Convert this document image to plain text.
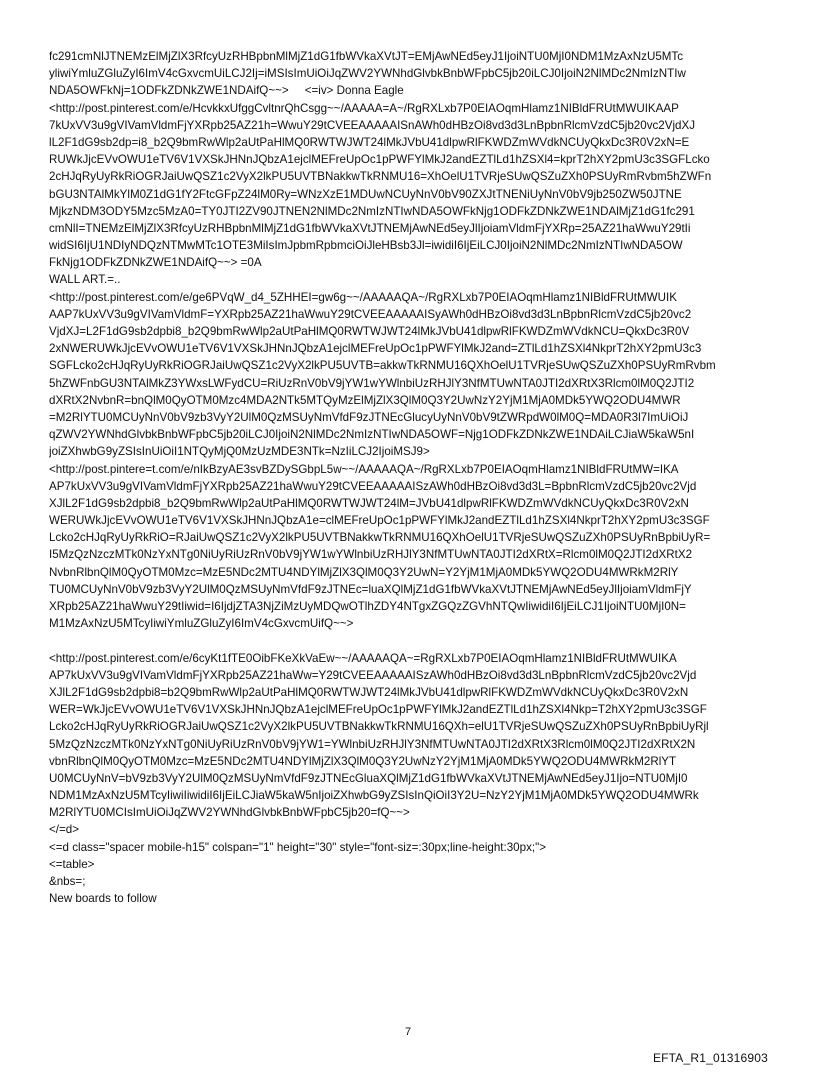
fc291cmNlJTNEMzElMjZlX3RfcyUzRHBpbnMlMjZ1dG1fbWVkaXVtJT=EMjAwNEd5eyJ1IjoiNTU0MjI0NDM1MzAxNzU5MTc
yliwiYmluZGluZyI6ImV4cGxvcmUiLCJ2Ij=iMSIsImUiOiJqZWV2YWNhdGlvbkBnbWFpbC5jb20iLCJ0IjoiN2NlMDc2NmIzNTIw
NDA5OWFkNj=1ODFkZDNkZWE1NDAifQ~~>     <=iv> Donna Eagle
<http://post.pinterest.com/e/HcvkkxUfggCvltnrQhCsgg~~/AAAAA=A~/RgRXLxb7P0EIAOqmHlamz1NIBldFRUtMWUIKAAP
7kUxVV3u9gVIVamVldmFjYXRpb25AZ21h=WwuY29tCVEEAAAAAISnAWh0dHBzOi8vd3d3LnBpbnRlcmVzdC5jb20vc2VjdXJ
lL2F1dG9sb2dp=i8_b2Q9bmRwWlp2aUtPaHlMQ0RWTWJWT24lMkJVbU41dlpwRlFKWDZmWVdkNCUyQkxDc3R0V2xN=E
RUWkJjcEVvOWU1eTV6V1VXSkJHNnJQbzA1ejclMEFreUpOc1pPWFYlMkJ2andEZTlLd1hZSXl4=kprT2hXY2pmU3c3SGFLcko
2cHJqRyUyRkRiOGRJaiUwQSZ1c2VyX2lkPU5UVTBNakkwTkRNMU16=XhOelU1TVRjeSUwQSZuZXh0PSUyRmRvbm5hZWFn
bGU3NTAlMkYlM0Z1dG1fY2FtcGFpZ24lM0Ry=WNzXzE1MDUwNCUyNnV0bV90ZXJtTNENiUyNnV0bV9jb250ZW50JTNE
MjkzNDM3ODY5Mzc5MzA0=TY0JTI2ZV90JTNEN2NlMDc2NmIzNTIwNDA5OWFkNjg1ODFkZDNkZWE1NDAlMjZ1dG1fc291
cmNlI=TNEMzElMjZlX3RfcyUzRHBpbnMlMjZ1dG1fbWVkaXVtJTNEMjAwNEd5eyJlIjoiamVldmFjYXRp=25AZ21haWwuY29tIi
widSI6IjU1NDIyNDQzNTMwMTc1OTE3MiIsImJpbmRpbmciOiJleHBsb3Jl=iwidiI6IjEiLCJ0IjoiN2NlMDc2NmIzNTIwNDA5OW
FkNjg1ODFkZDNkZWE1NDAifQ~~> =0A
WALL ART.=..
<http://post.pinterest.com/e/ge6PVqW_d4_5ZHHEI=gw6g~~/AAAAAQA~/RgRXLxb7P0EIAOqmHlamz1NIBldFRUtMWUIK
AAP7kUxVV3u9gVIVamVldmF=YXRpb25AZ21haWwuY29tCVEEAAAAAISyAWh0dHBzOi8vd3d3LnBpbnRlcmVzdC5jb20vc2
VjdXJ=L2F1dG9sb2dpbi8_b2Q9bmRwWlp2aUtPaHlMQ0RWTWJWT24lMkJVbU41dlpwRlFKWDZmWVdkNCU=QkxDc3R0V
2xNWERUWkJjcEVvOWU1eTV6V1VXSkJHNnJQbzA1ejclMEFreUpOc1pPWFYlMkJ2and=ZTlLd1hZSXl4NkprT2hXY2pmU3c3
SGFLcko2cHJqRyUyRkRiOGRJaiUwQSZ1c2VyX2lkPU5UVTB=akkwTkRNMU16QXhOelU1TVRjeSUwQSZuZXh0PSUyRmRvbm
5hZWFnbGU3NTAlMkZ3YWxsLWFydCU=RiUzRnV0bV9jYW1wYWlnbiUzRHJlY3NfMTUwNTA0JTI2dXRtX3Rlcm0lM0Q2JTI2
dXRtX2NvbnR=bnQlM0QyOTM0Mzc4MDA2NTk5MTQyMzElMjZlX3QlM0Q3Y2UwNzY2YjM1MjA0MDk5YWQ2ODU4MWR
=M2RlYTU0MCUyNnV0bV9zb3VyY2UlM0QzMSUyNmVfdF9zJTNEcGlucyUyNnV0bV9tZWRpdW0lM0Q=MDA0R3l7ImUiOiJ
qZWV2YWNhdGlvbkBnbWFpbC5jb20iLCJ0IjoiN2NlMDc2NmIzNTIwNDA5OWF=Njg1ODFkZDNkZWE1NDAiLCJiaW5kaW5nI
joiZXhwbG9yZSIsInUiOiI1NTQyMjQ0MzUzMDE3NTk=NzIiLCJ2IjoiMSJ9>
<http://post.pintere=t.com/e/nIkBzyAE3svBZDySGbpL5w~~/AAAAAQA~/RgRXLxb7P0EIAOqmHlamz1NIBldFRUtMW=IKA
AP7kUxVV3u9gVIVamVldmFjYXRpb25AZ21haWwuY29tCVEEAAAAAISzAWh0dHBzOi8vd3d3L=BpbnRlcmVzdC5jb20vc2Vjd
XJlL2F1dG9sb2dpbi8_b2Q9bmRwWlp2aUtPaHlMQ0RWTWJWT24lM=JVbU41dlpwRlFKWDZmWVdkNCUyQkxDc3R0V2xN
WERUWkJjcEVvOWU1eTV6V1VXSkJHNnJQbzA1e=clMEFreUpOc1pPWFYlMkJ2andEZTlLd1hZSXl4NkprT2hXY2pmU3c3SGF
Lcko2cHJqRyUyRkRiO=RJaiUwQSZ1c2VyX2lkPU5UVTBNakkwTkRNMU16QXhOelU1TVRjeSUwQSZuZXh0PSUyRnBpbiUyR=
I5MzQzNzczMTk0NzYxNTg0NiUyRiUzRnV0bV9jYW1wYWlnbiUzRHJlY3NfMTUwNTA0JTI2dXRtX=Rlcm0lM0Q2JTI2dXRtX2
NvbnRlbnQlM0QyOTM0Mzc=MzE5NDc2MTU4NDYlMjZlX3QlM0Q3Y2UwN=Y2YjM1MjA0MDk5YWQ2ODU4MWRkM2RlY
TU0MCUyNnV0bV9zb3VyY2UlM0QzMSUyNmVfdF9zJTNEc=luaXQlMjZ1dG1fbWVkaXVtJTNEMjAwNEd5eyJlIjoiamVldmFjY
XRpb25AZ21haWwuY29tIiwid=I6IjdjZTA3NjZiMzUyMDQwOTlhZDY4NTgxZGQzZGVhNTQwIiwidiI6IjEiLCJ1IjoiNTU0MjI0N=
M1MzAxNzU5MTcyIiwiYmluZGluZyI6ImV4cGxvcmUifQ~~>
<http://post.pinterest.com/e/6cyKt1fTE0OibFKeXkVaEw~~/AAAAAQA~=RgRXLxb7P0EIAOqmHlamz1NIBldFRUtMWUIKA
AP7kUxVV3u9gVIVamVldmFjYXRpb25AZ21haWw=Y29tCVEEAAAAAISzAWh0dHBzOi8vd3d3LnBpbnRlcmVzdC5jb20vc2Vjd
XJlL2F1dG9sb2dpbi8=b2Q9bmRwWlp2aUtPaHlMQ0RWTWJWT24lMkJVbU41dlpwRlFKWDZmWVdkNCUyQkxDc3R0V2xN
WER=WkJjcEVvOWU1eTV6V1VXSkJHNnJQbzA1ejclMEFreUpOc1pPWFYlMkJ2andEZTlLd1hZSXl4Nkp=T2hXY2pmU3c3SGF
Lcko2cHJqRyUyRkRiOGRJaiUwQSZ1c2VyX2lkPU5UVTBNakkwTkRNMU16QXh=elU1TVRjeSUwQSZuZXh0PSUyRnBpbiUyRjl
5MzQzNzczMTk0NzYxNTg0NiUyRiUzRnV0bV9jYW1=YWlnbiUzRHJlY3NfMTUwNTA0JTI2dXRtX3Rlcm0lM0Q2JTI2dXRtX2N
vbnRlbnQlM0QyOTM0Mzc=MzE5NDc2MTU4NDYlMjZlX3QlM0Q3Y2UwNzY2YjM1MjA0MDk5YWQ2ODU4MWRkM2RlYT
U0MCUyNnV=bV9zb3VyY2UlM0QzMSUyNmVfdF9zJTNEcGluaXQlMjZ1dG1fbWVkaXVtJTNEMjAwNEd5eyJ1Ijo=NTU0MjI0
NDM1MzAxNzU5MTcyIiwiIiwidiI6IjEiLCJiaW5kaW5nIjoiZXhwbG9yZSIsInQiOiI3Y2U=NzY2YjM1MjA0MDk5YWQ2ODU4MWRk
M2RlYTU0MCIsImUiOiJqZWV2YWNhdGlvbkBnbWFpbC5jb20=fQ~~>
</=d>
<=d class="spacer mobile-h15" colspan="1" height="30" style="font-siz=:30px;line-height:30px;">
<=table>
&nbs=;
New boards to follow
7
EFTA_R1_01316903
